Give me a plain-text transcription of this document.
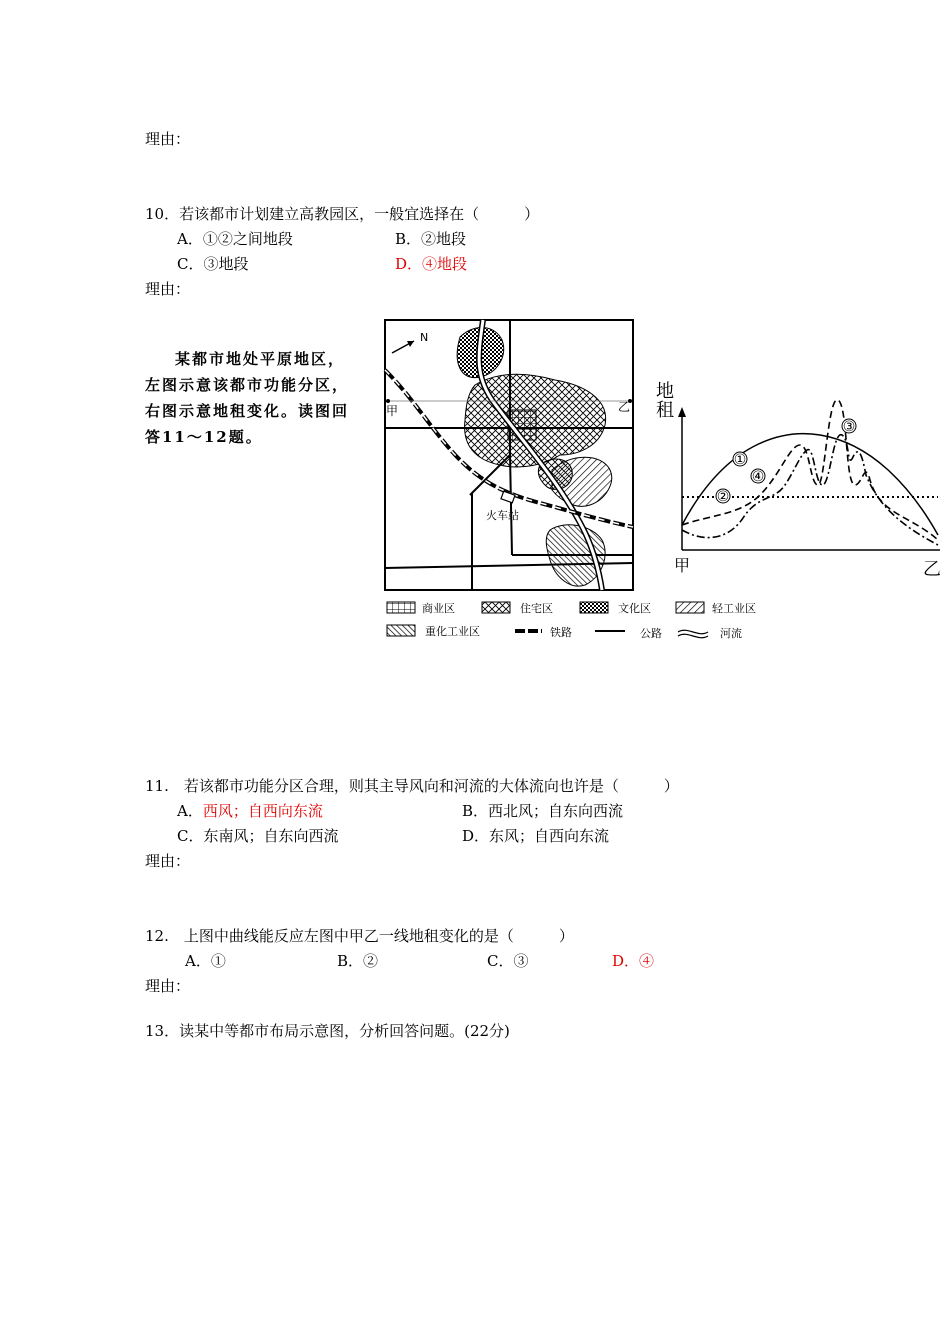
理由：
10．若该都市计划建立高教园区，一般宜选择在（　　　）
A．①②之间地段	B．②地段
C．③地段	D．④地段
理由：

某都市地处平原地区，

左图示意该都市功能分区，

右图示意地租变化。读图回

答11～12题。

火车站
甲	乙
N
商业区	住宅区	文化区
重化工业区	铁路
轻工业区
公路	河流
地
租
甲	乙
①
②
③
④
11.　若该都市功能分区合理，则其主导风向和河流的大体流向也许是（　　　）
A．西风；自西向东流	B．西北风；自东向西流
C．东南风；自东向西流	D．东风；自西向东流
理由：
12.　上图中曲线能反应左图中甲乙一线地租变化的是（　　　）
A．①	B．②	C．③	D．④
理由：
13．读某中等都市布局示意图，分析回答问题。(22分)
